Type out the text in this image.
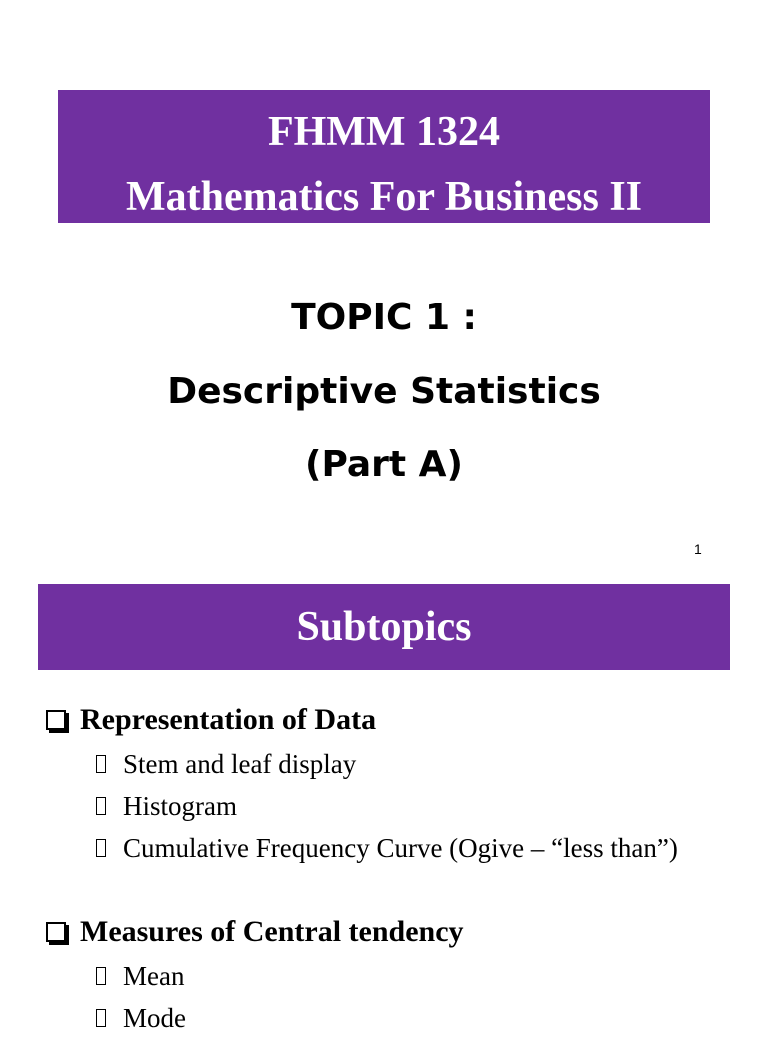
FHMM 1324
Mathematics For Business II
TOPIC 1 :
Descriptive Statistics
(Part A)
1
Subtopics
Representation of Data
Stem and leaf display
Histogram
Cumulative Frequency Curve (Ogive – “less than”)
Measures of Central tendency
Mean
Mode
